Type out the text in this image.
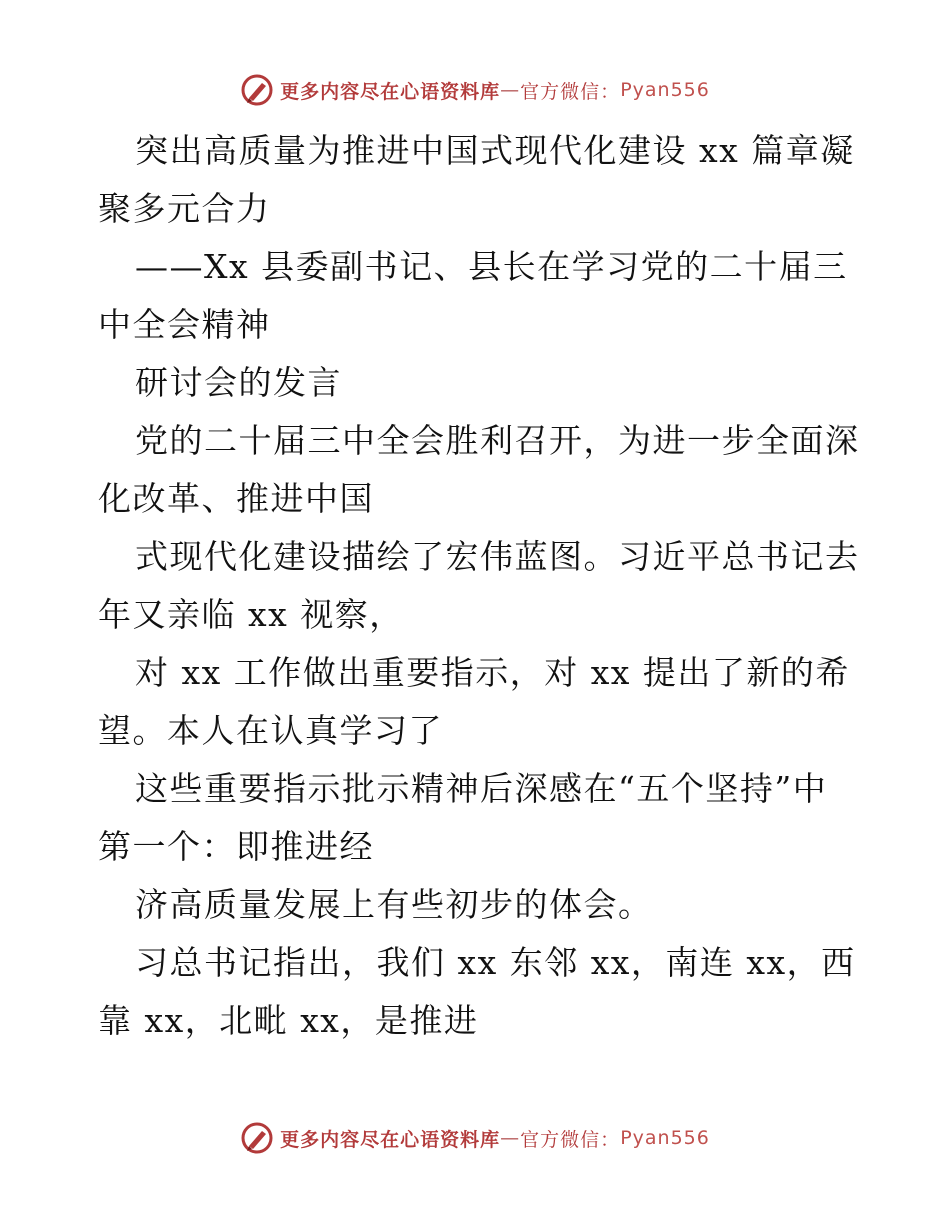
更多内容尽在心语资料库 — 官方微信： Pyan556
突出高质量为推进中国式现代化建设 xx 篇章凝
聚多元合力
——Xx 县委副书记、县长在学习党的二十届三
中全会精神
研讨会的发言
党的二十届三中全会胜利召开，为进一步全面深
化改革、推进中国
式现代化建设描绘了宏伟蓝图。习近平总书记去
年又亲临 xx 视察，
对 xx 工作做出重要指示，对 xx 提出了新的希
望。本人在认真学习了
这些重要指示批示精神后深感在“五个坚持”中
第一个：即推进经
济高质量发展上有些初步的体会。
习总书记指出，我们 xx 东邻 xx，南连 xx，西
靠 xx，北毗 xx，是推进
更多内容尽在心语资料库 — 官方微信： Pyan556
